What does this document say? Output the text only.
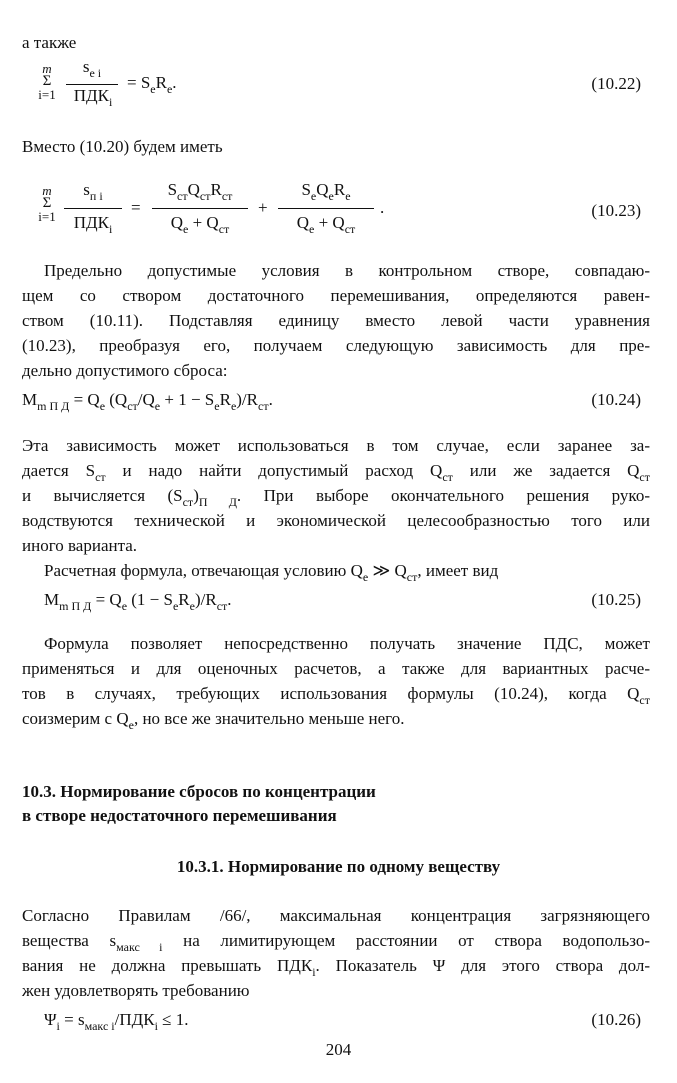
а также
m
Σ
i=1
$s_{e i}$
$ПДК_i$
= $S_eR_e$.	(10.22)
Вместо (10.20) будем иметь
m
Σ
i=1
$s_{п i}$
$ПДК_i$
=
$S_{ст}Q_{ст}R_{ст}$
$Q_e + Q_{ст}$
+
$S_eQ_eR_e$
$Q_e + Q_{ст}$
.	(10.23)
Предельно допустимые условия в контрольном створе, совпадаю-
щем со створом достаточного перемешивания, определяются равен-
ством (10.11). Подставляя единицу вместо левой части уравнения
(10.23), преобразуя его, получаем следующую зависимость для пре-
дельно допустимого сброса:
$M_{m П Д} = Q_e$ $(Q_{ст}/Q_e + 1 - S_eR_e)/R_{ст}$.	(10.24)
Эта зависимость может использоваться в том случае, если заранее за-
дается $S_{ст}$ и надо найти допустимый расход $Q_{ст}$ или же задается $Q_{ст}$
и вычисляется $(S_{ст})_{П Д}$. При выборе окончательного решения руко-
водствуются технической и экономической целесообразностью того или
иного варианта.
Расчетная формула, отвечающая условию $Q_e$ ≫ $Q_{ст}$, имеет вид
$M_{m П Д} = Q_e$ $(1 - S_eR_e)/R_{ст}$.	(10.25)
Формула позволяет непосредственно получать значение ПДС, может
применяться и для оценочных расчетов, а также для вариантных расче-
тов в случаях, требующих использования формулы (10.24), когда $Q_{ст}$
соизмерим с $Q_e$, но все же значительно меньше него.
10.3. Нормирование сбросов по концентрации
в створе недостаточного перемешивания
10.3.1. Нормирование по одному веществу
Согласно Правилам /66/, максимальная концентрация загрязняющего
вещества $s_{макс i}$ на лимитирующем расстоянии от створа водопользо-
вания не должна превышать $ПДК_i$. Показатель Ψ для этого створа дол-
жен удовлетворять требованию
$\Psi_i = s_{макс i}/ПДК_i \le 1$.	(10.26)
204
